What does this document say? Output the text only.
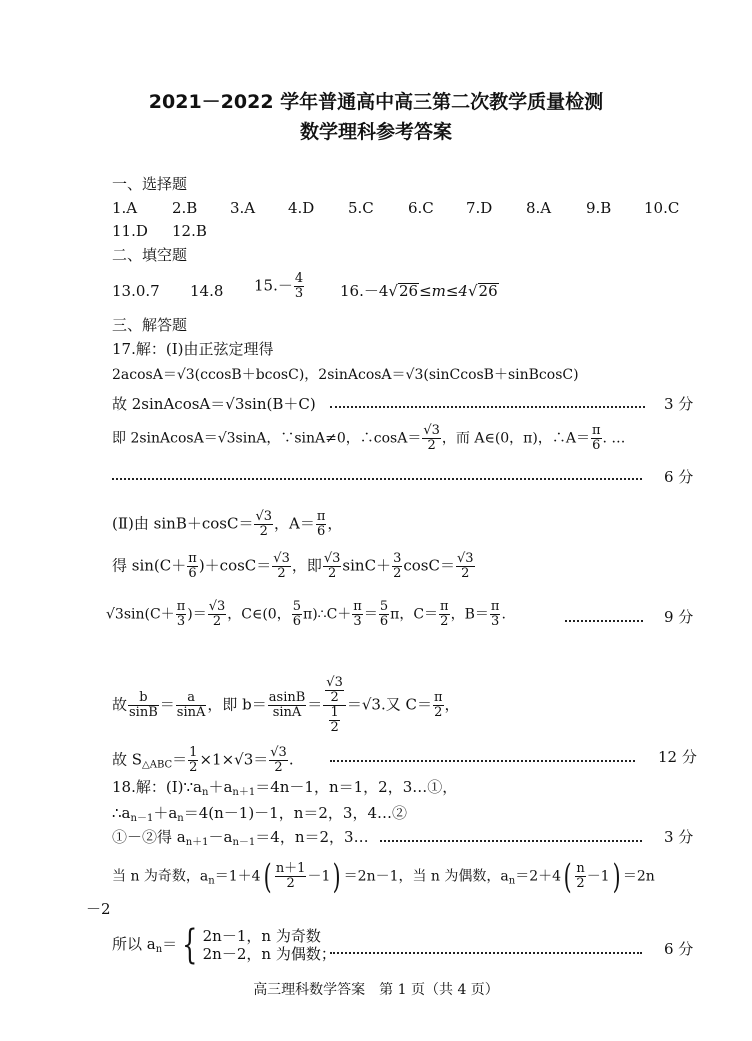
2021－2022 学年普通高中高三第二次教学质量检测
数学理科参考答案
一、选择题
1.A 2.B 3.A 4.D 5.C 6.C 7.D 8.A 9.B 10.C
11.D 12.B
二、填空题
13.0.7 14.8 $15.- \frac{4}{3} 16.-4√26\le m\le 4√26$
三、解答题
17.解：(Ⅰ)由正弦定理得
2acosA＝√3(ccosB＋bcosC)，2sinAcosA＝√3(sinCcosB＋sinBcosC)
故 2sinAcosA＝√3sin(B＋C)	3 分
即 2sinAcosA＝√3sinA，∵sinA≠0，∴cosA＝ $\frac{√3}{2}$ ，而 A∈(0，π)，∴A＝ $\frac{\pi}{6}$ . …
6 分
(Ⅱ)由 $\sin B+\cos C= \frac{√3}{2}$ ，$A= \frac{\pi}{6}$ ，
得 $\sin(C+ \frac{\pi}{6} )+\cos C= \frac{√3}{2}$ ，即 $\frac{√3}{2} \sin C+ \frac{3}{2} \cos C= \frac{√3}{2}$
$√3\sin(C+ \frac{\pi}{3}$ )＝ $\frac{√3}{2}$ ，C∈(0， $\frac{5}{6}$ π)∴C＋ $\frac{\pi}{3} = \frac{5}{6}$ π，$C= \frac{\pi}{2}$ ，$B= \frac{\pi}{3}$ .	9 分
故 $\frac{b}{\sin B} = \frac{a}{\sin A}$ ，即 $b= \frac{asinB}{\sin A} = \frac{\frac{√3}{2}}{\frac{1}{2}} =√3$.又 $C= \frac{\pi}{2}$ ，
故 $S_{\triangle ABC}= \frac{1}{2} \times 1\times√3= \frac{√3}{2}$ .	12 分
18.解：$(Ⅰ)\because a_n+a_{n+1}=4n-1$，n＝1，2，3…①，
$\therefore a_{n-1}+a_n=4(n-1)-1$，n＝2，3，4…②
①－②得 $a_{n+1}-a_{n-1}=4$，n＝2，3…	3 分
当 n 为奇数，$a_n=1+4( \frac{n+1}{2} -1) =2n-1$，当 n 为偶数，$a_n=2+4( \frac{n}{2} -1) =2n$
－2
所以 $a_n=$ { 2n－1，n 为奇数
2n－2，n 为偶数；	6 分
高三理科数学答案　第 1 页（共 4 页）
